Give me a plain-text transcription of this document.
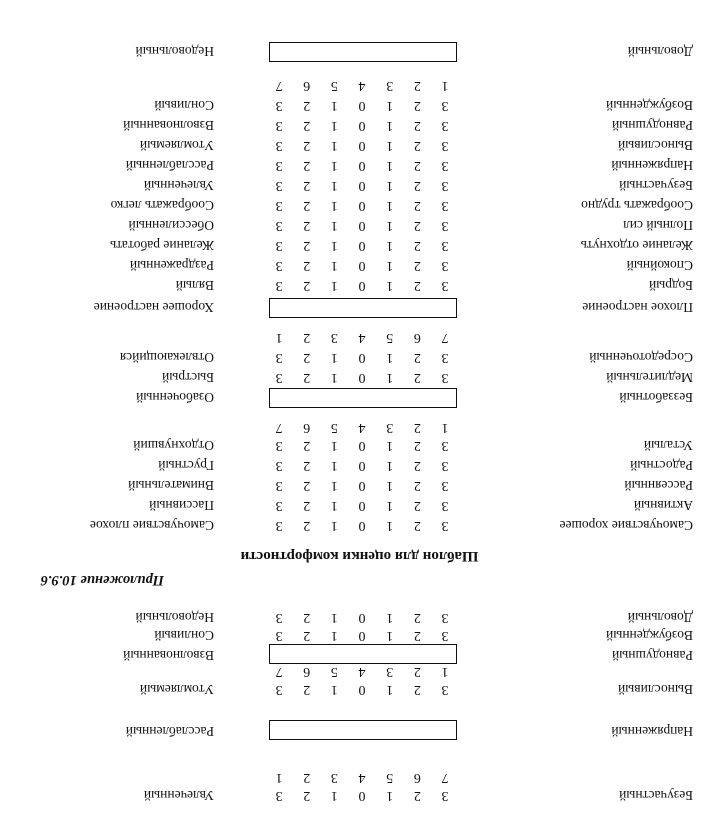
Безучастный
3
2
1
0
1
2
3
Увлеченный
7
6
5
4
3
2
1
Напряженный
Расслабленный
Выносливый
3
2
1
0
1
2
3
Утомляемый
1
2
3
4
5
6
7
Равнодушный
Взволнованный
Возбужденный
3
2
1
0
1
2
3
Сонливый
Довольный
3
2
1
0
1
2
3
Недовольный
Приложение 10.9.6
Шаблон для оценки комфортности
Самочувствие хорошее
3
2
1
0
1
2
3
Самочувствие плохое
Активный
3
2
1
0
1
2
3
Пассивный
Рассеянный
3
2
1
0
1
2
3
Внимательный
Радостный
3
2
1
0
1
2
3
Грустный
Усталый
3
2
1
0
1
2
3
Отдохнувший
1
2
3
4
5
6
7
Беззаботный
Озабоченный
Медлительный
3
2
1
0
1
2
3
Быстрый
Сосредоточенный
3
2
1
0
1
2
3
Отвлекающийся
7
6
5
4
3
2
1
Плохое настроение
Хорошее настроение
Бодрый
3
2
1
0
1
2
3
Вялый
Спокойный
3
2
1
0
1
2
3
Раздраженный
Желание отдохнуть
3
2
1
0
1
2
3
Желание работать
Полный сил
3
2
1
0
1
2
3
Обессиленный
Соображать трудно
3
2
1
0
1
2
3
Соображать легко
Безучастный
3
2
1
0
1
2
3
Увлеченный
Напряженный
3
2
1
0
1
2
3
Расслабленный
Выносливый
3
2
1
0
1
2
3
Утомляемый
Равнодушный
3
2
1
0
1
2
3
Взволнованный
Возбужденный
3
2
1
0
1
2
3
Сонливый
1
2
3
4
5
6
7
Довольный
Недовольный
